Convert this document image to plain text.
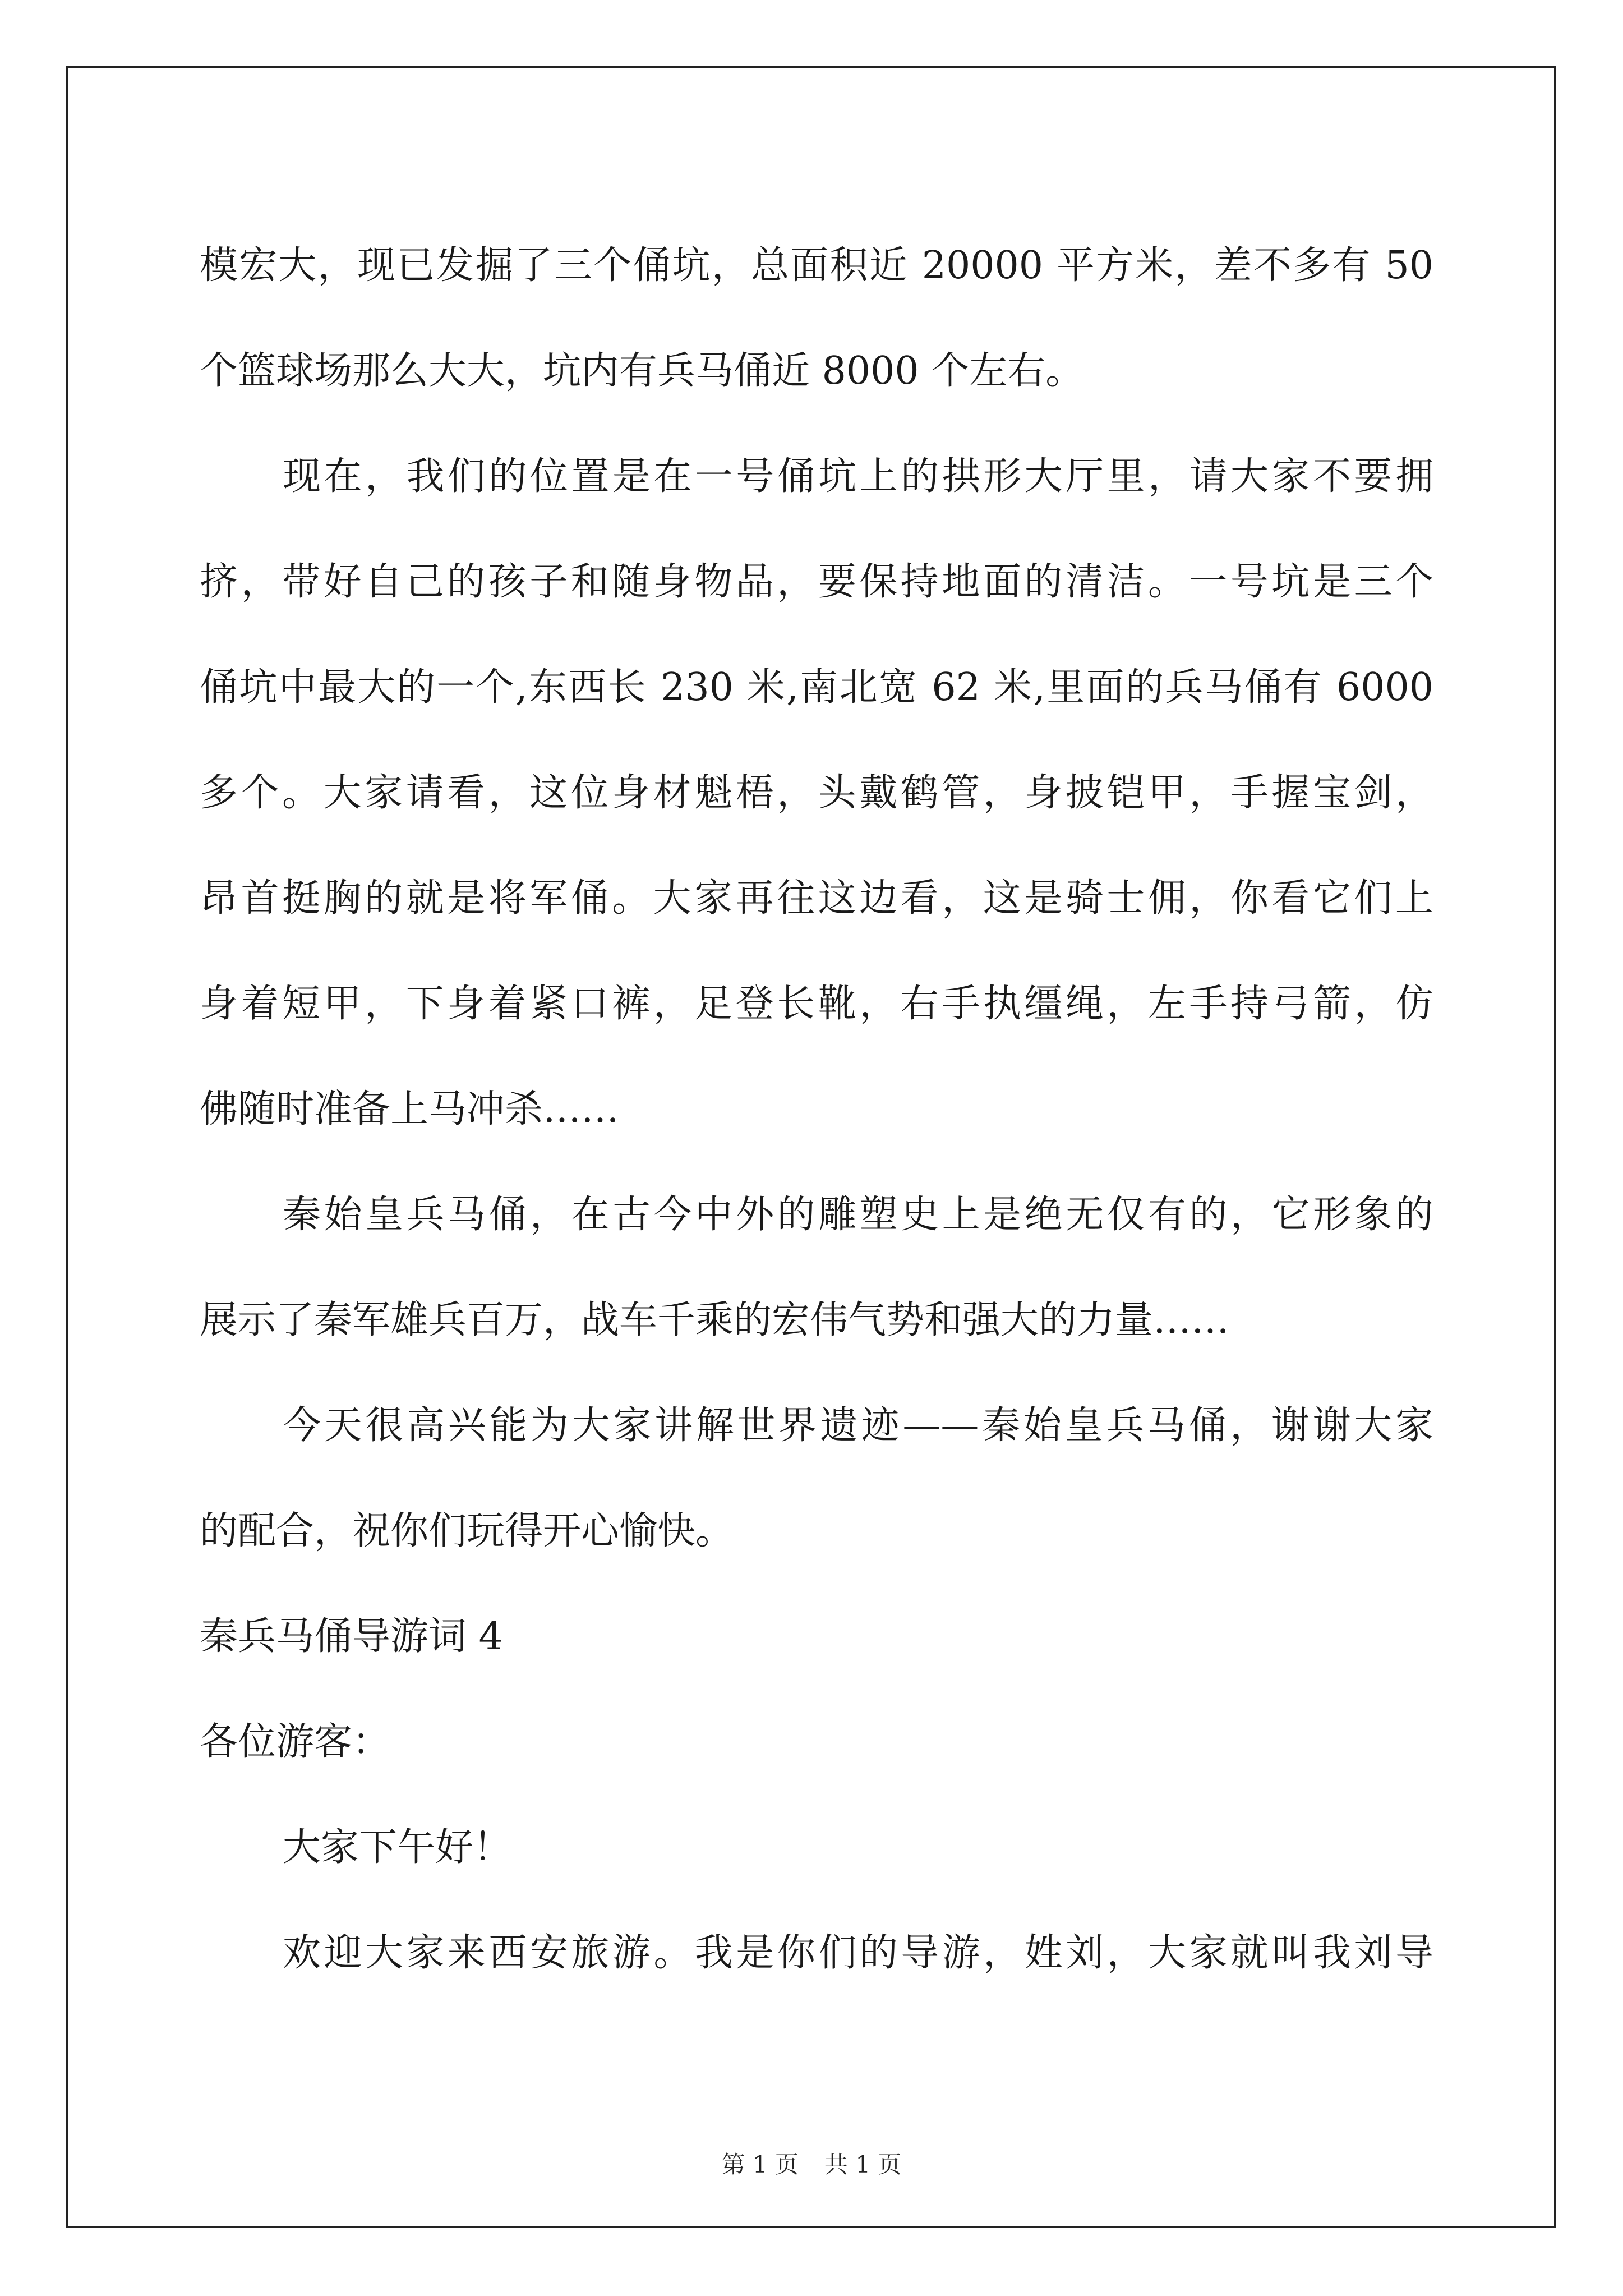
模宏大，现已发掘了三个俑坑，总面积近 20000 平方米，差不多有 50
个篮球场那么大大，坑内有兵马俑近 8000 个左右。
现在，我们的位置是在一号俑坑上的拱形大厅里，请大家不要拥
挤，带好自己的孩子和随身物品，要保持地面的清洁。一号坑是三个
俑坑中最大的一个,东西长 230 米,南北宽 62 米,里面的兵马俑有 6000
多个。大家请看，这位身材魁梧，头戴鹤管，身披铠甲，手握宝剑，
昂首挺胸的就是将军俑。大家再往这边看，这是骑士佣，你看它们上
身着短甲，下身着紧口裤，足登长靴，右手执缰绳，左手持弓箭，仿
佛随时准备上马冲杀……
秦始皇兵马俑，在古今中外的雕塑史上是绝无仅有的，它形象的
展示了秦军雄兵百万，战车千乘的宏伟气势和强大的力量……
今天很高兴能为大家讲解世界遗迹——秦始皇兵马俑，谢谢大家
的配合，祝你们玩得开心愉快。
秦兵马俑导游词 4
各位游客：
大家下午好！
欢迎大家来西安旅游。我是你们的导游，姓刘，大家就叫我刘导
第 1 页 共 1 页
